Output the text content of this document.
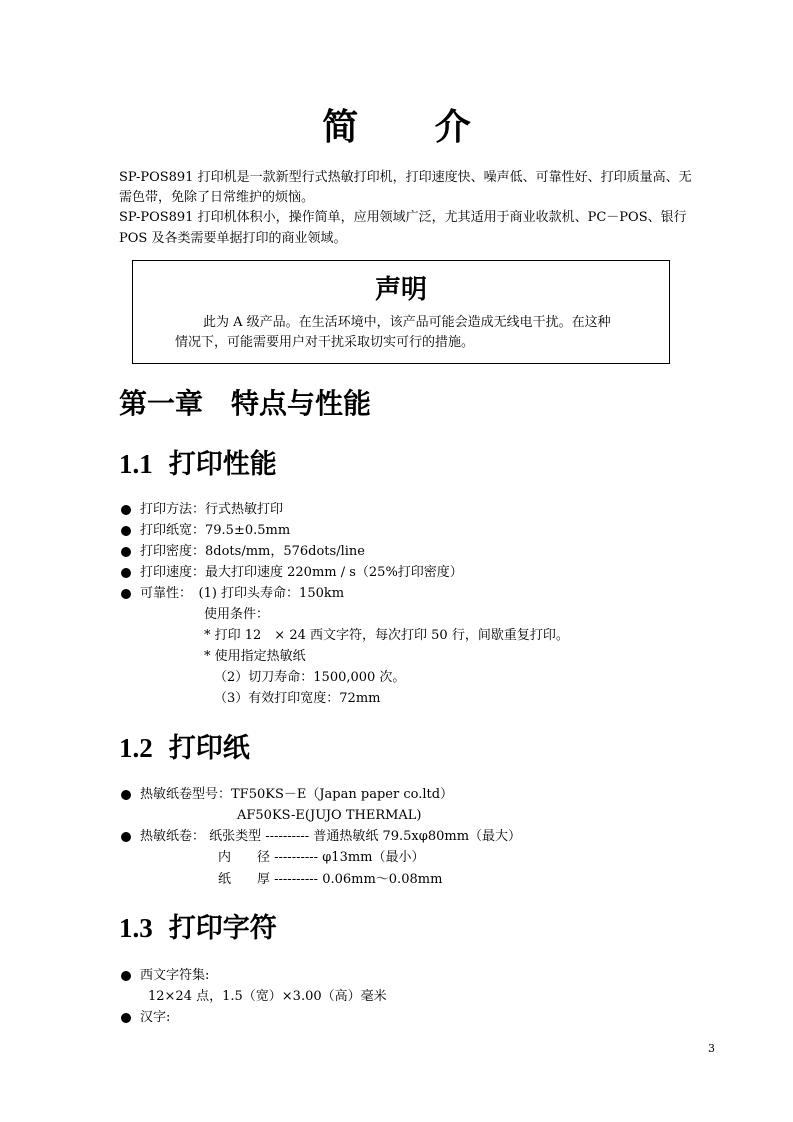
简 介
SP-POS891 打印机是一款新型行式热敏打印机，打印速度快、噪声低、可靠性好、打印质量高、无
需色带，免除了日常维护的烦恼。
SP-POS891 打印机体积小，操作简单，应用领域广泛，尤其适用于商业收款机、PC－POS、银行
POS 及各类需要单据打印的商业领域。
声明
此为 A 级产品。在生活环境中，该产品可能会造成无线电干扰。在这种
情况下，可能需要用户对干扰采取切实可行的措施。
第一章　特点与性能
1.1 打印性能
打印方法：行式热敏打印
打印纸宽：79.5±0.5mm
打印密度：8dots/mm，576dots/line
打印速度：最大打印速度 220mm / s（25%打印密度）
可靠性：　(1) 打印头寿命：150km
使用条件：
* 打印 12　× 24 西文字符，每次打印 50 行，间歇重复打印。
* 使用指定热敏纸
（2）切刀寿命：1500,000 次。
（3）有效打印宽度：72mm
1.2 打印纸
热敏纸卷型号：TF50KS－E（Japan paper co.ltd）
AF50KS-E(JUJO THERMAL)
热敏纸卷： 纸张类型 ---------- 普通热敏纸 79.5xφ80mm（最大）
内　　径 ---------- φ13mm（最小）
纸　　厚 ---------- 0.06mm～0.08mm
1.3 打印字符
西文字符集:
12×24 点，1.5（宽）×3.00（高）毫米
汉字:
3
